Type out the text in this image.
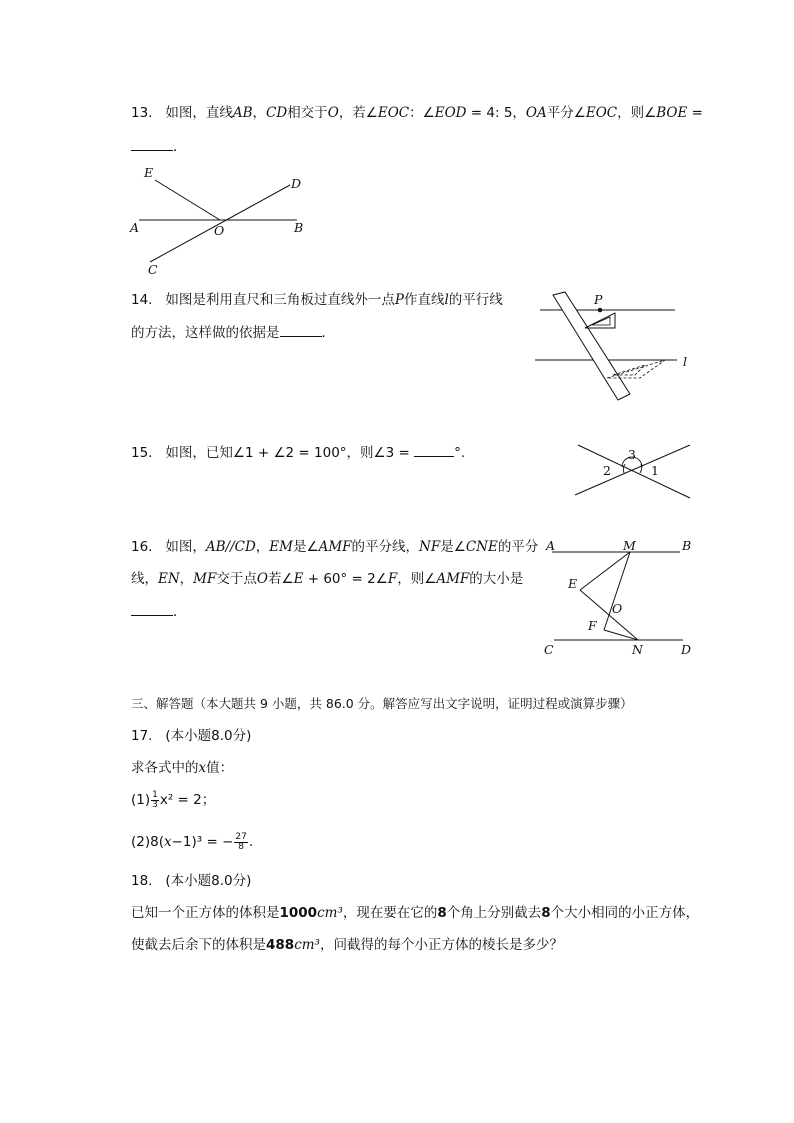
13. 如图，直线AB，CD相交于O，若∠EOC：∠EOD = 4: 5，OA平分∠EOC，则∠BOE =
．
E
D
A	O	B
C
14. 如图是利用直尺和三角板过直线外一点P作直线l的平行线
的方法，这样做的依据是	．
P
l
15. 如图，已知∠1 + ∠2 = 100°，则∠3 =	°.	3
2	1
16. 如图，AB//CD，EM是∠AMF的平分线，NF是∠CNE的平分
线，EN，MF交于点O若∠E + 60° = 2∠F，则∠AMF的大小是
．
A	M	B
E
O
F
C	N	D
三、解答题（本大题共 9 小题，共 86.0 分。解答应写出文字说明，证明过程或演算步骤）
17. (本小题8.0分)
求各式中的x值：
$(1) \frac{1}{3} x^2 = 2$；
(2)8(x−1)³ = − $\frac{27}{8}$ .
18. (本小题8.0分)
已知一个正方体的体积是1000cm³，现在要在它的8个角上分别截去8个大小相同的小正方体，
使截去后余下的体积是488cm³，问截得的每个小正方体的棱长是多少？
